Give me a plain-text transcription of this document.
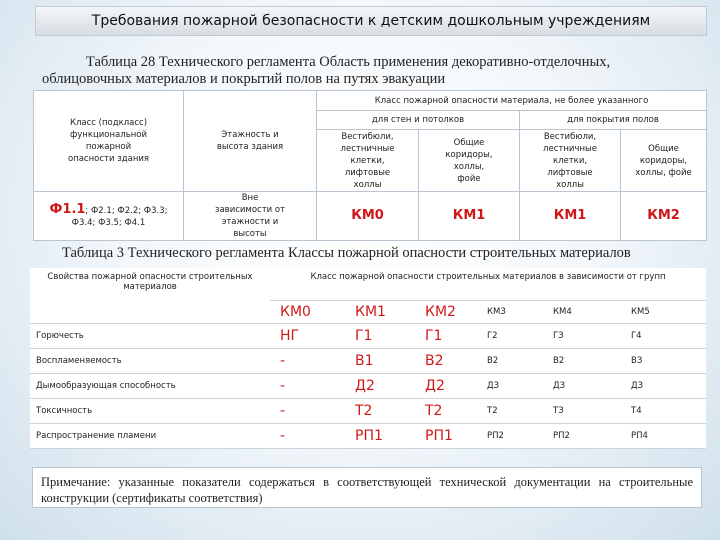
Требования пожарной безопасности к детским дошкольным учреждениям
Таблица 28 Технического регламента Область применения декоративно-отделочных,
облицовочных материалов и покрытий полов на путях эвакуации
Класс (подкласс) функциональной пожарной опасности здания	Этажность и высота здания	Класс пожарной опасности материала, не более указанного			
		для стен и потолков		для покрытия полов	
		Вестибюли, лестничные клетки, лифтовые холлы	Общие коридоры, холлы, фойе	Вестибюли, лестничные клетки, лифтовые холлы	Общие коридоры, холлы, фойе
Ф1.1; Ф2.1; Ф2.2; Ф3.3; Ф3.4; Ф3.5; Ф4.1	Вне зависимости от этажности и высоты	КМ0	КМ1	КМ1	КМ2
Таблица 3 Технического регламента Классы пожарной опасности строительных материалов
Свойства пожарной опасности строительных материалов	Класс пожарной опасности строительных материалов в зависимости от групп					
	КМ0	КМ1	КМ2	КМЗ	КМ4	КМ5
Горючесть	НГ	Г1	Г1	Г2	ГЗ	Г4
Воспламеняемость	-	В1	В2	В2	В2	ВЗ
Дымообразующая способность	-	Д2	Д2	ДЗ	ДЗ	ДЗ
Токсичность	-	Т2	Т2	Т2	ТЗ	Т4
Распространение пламени	-	РП1	РП1	РП2	РП2	РП4
Примечание: указанные показатели содержаться в соответствующей технической документации на строительные конструкции (сертификаты соответствия)
